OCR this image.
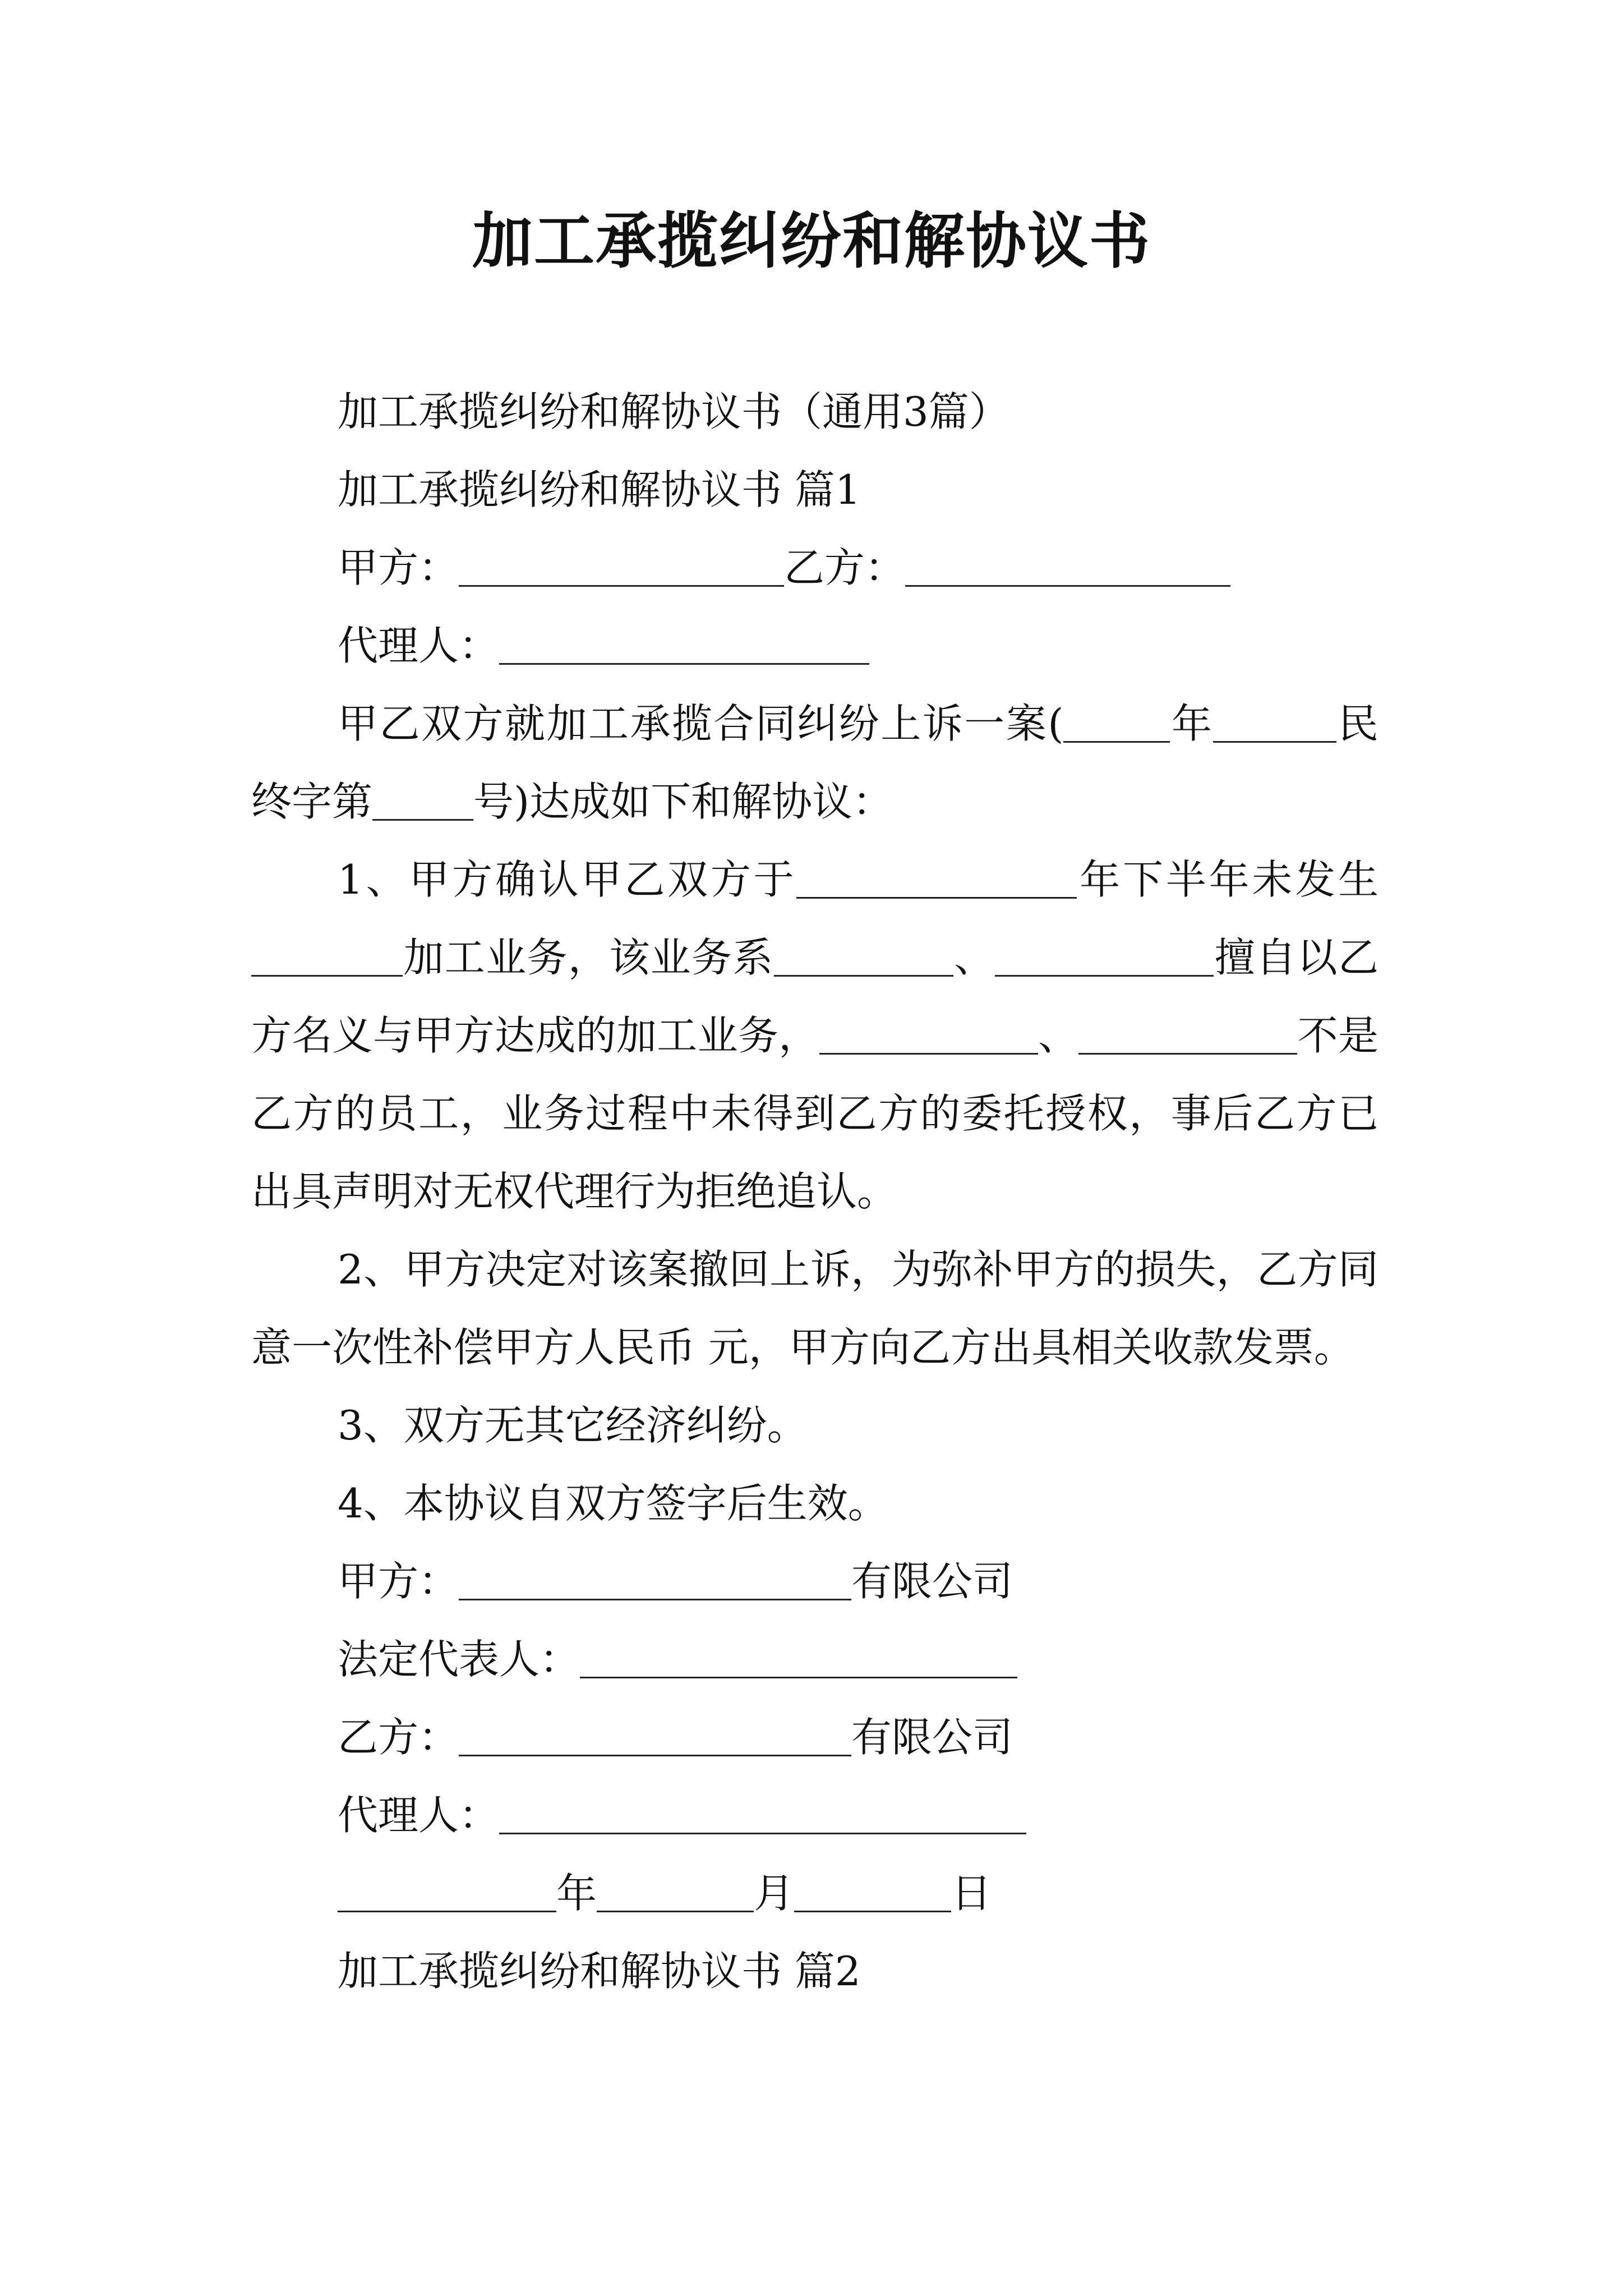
加工承揽纠纷和解协议书

加工承揽纠纷和解协议书（通用3篇）

加工承揽纠纷和解协议书 篇1

甲方：	乙方：

代理人：

甲乙双方就加工承揽合同纠纷上诉一案(	年	民 终字第	号)达成如下和解协议：

1、甲方确认甲乙双方于	年下半年未发生加工业务，该业务系	、	擅自以乙方名义与甲方达成的加工业务，	、	不是乙方的员工，业务过程中未得到乙方的委托授权，事后乙方已出具声明对无权代理行为拒绝追认。

2、甲方决定对该案撤回上诉，为弥补甲方的损失，乙方同意一次性补偿甲方人民币 元，甲方向乙方出具相关收款发票。

3、双方无其它经济纠纷。

4、本协议自双方签字后生效。

甲方：	有限公司

法定代表人：

乙方：	有限公司

代理人：

年	月	日

加工承揽纠纷和解协议书 篇2
